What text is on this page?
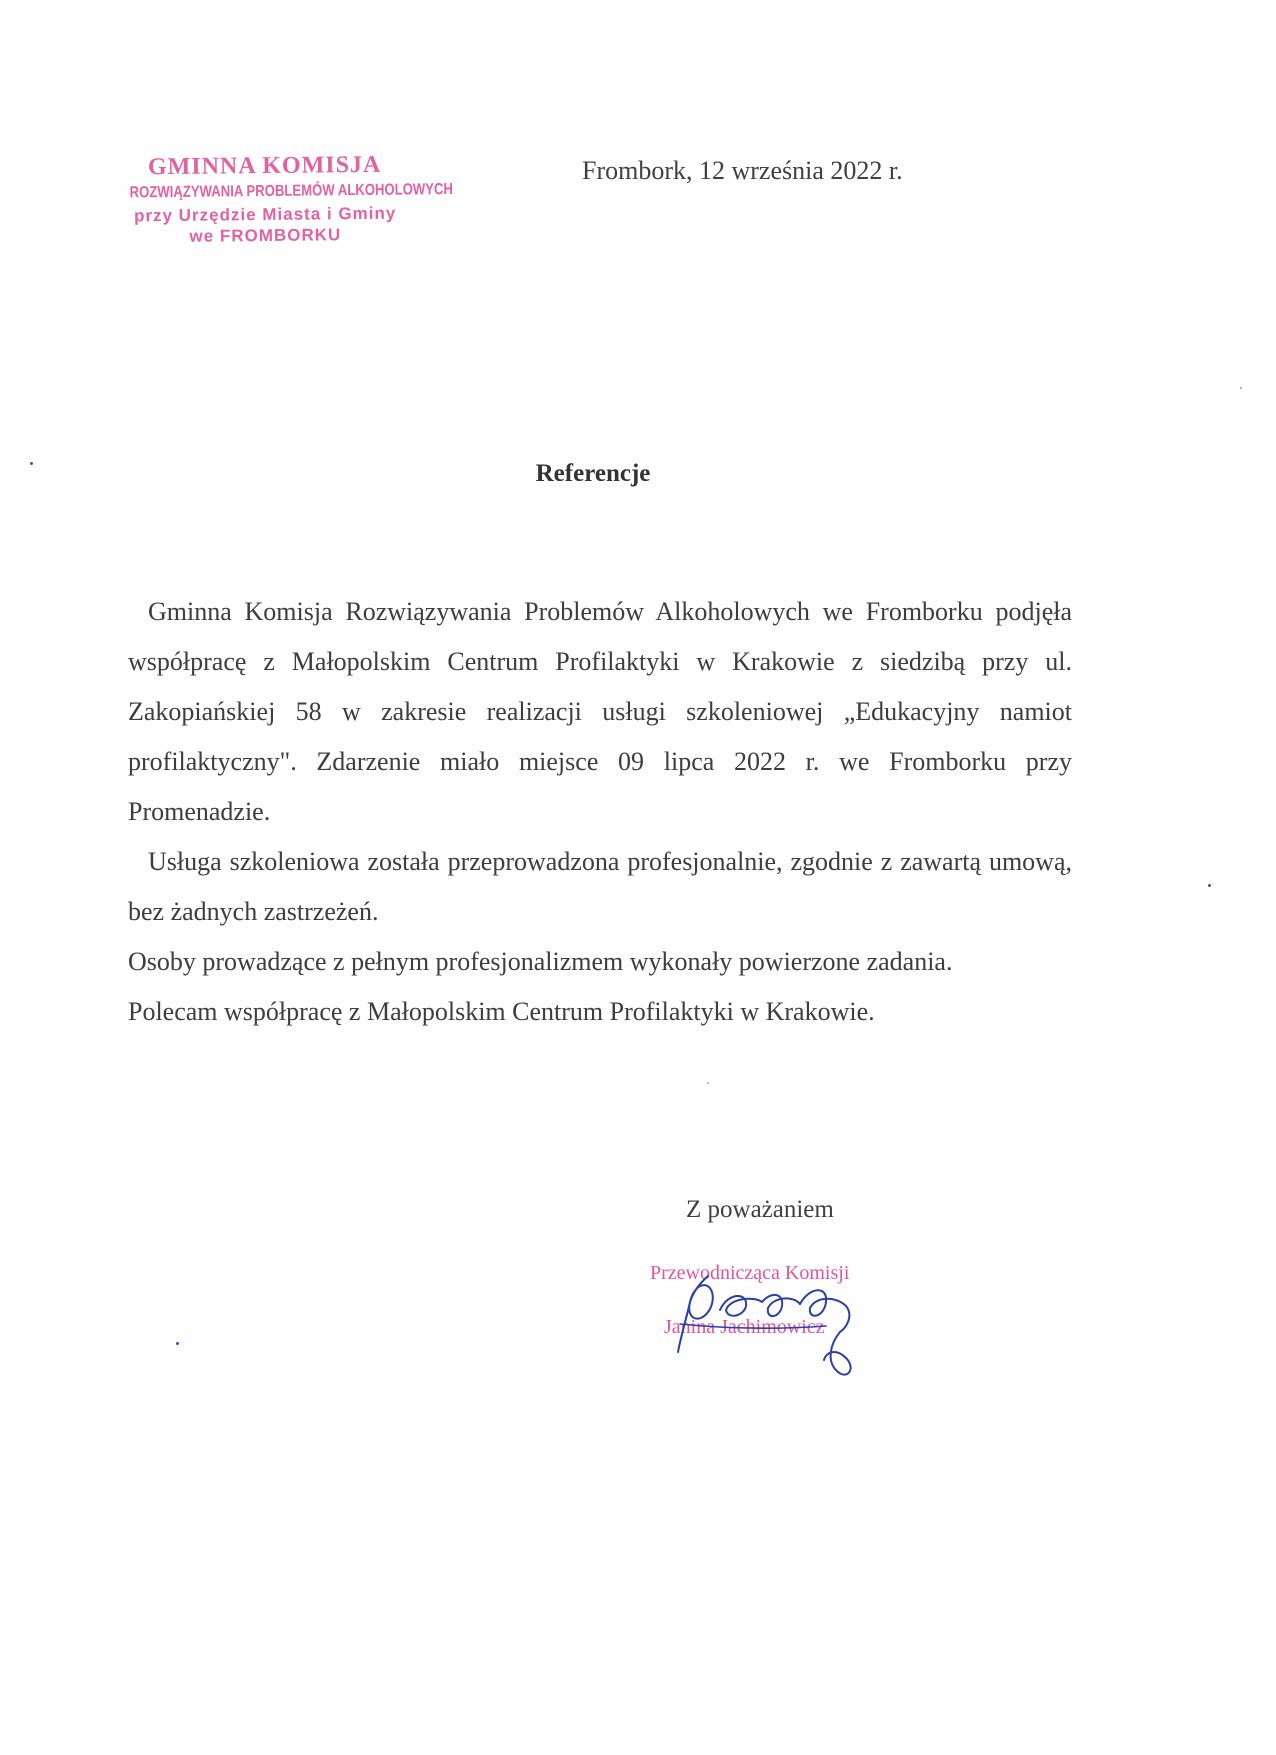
GMINNA KOMISJA
ROZWIĄZYWANIA PROBLEMÓW ALKOHOLOWYCH
przy Urzędzie Miasta i Gminy
we FROMBORKU
Frombork, 12 września 2022 r.
Referencje

Gminna Komisja Rozwiązywania Problemów Alkoholowych we Fromborku podjęła współpracę z Małopolskim Centrum Profilaktyki w Krakowie z siedzibą przy ul. Zakopiańskiej 58 w zakresie realizacji usługi szkoleniowej „Edukacyjny namiot profilaktyczny". Zdarzenie miało miejsce 09 lipca 2022 r. we Fromborku przy Promenadzie.

Usługa szkoleniowa została przeprowadzona profesjonalnie, zgodnie z zawartą umową, bez żadnych zastrzeżeń.

Osoby prowadzące z pełnym profesjonalizmem wykonały powierzone zadania.

Polecam współpracę z Małopolskim Centrum Profilaktyki w Krakowie.

Z poważaniem
Przewodnicząca Komisji
Janina Jachimowicz
